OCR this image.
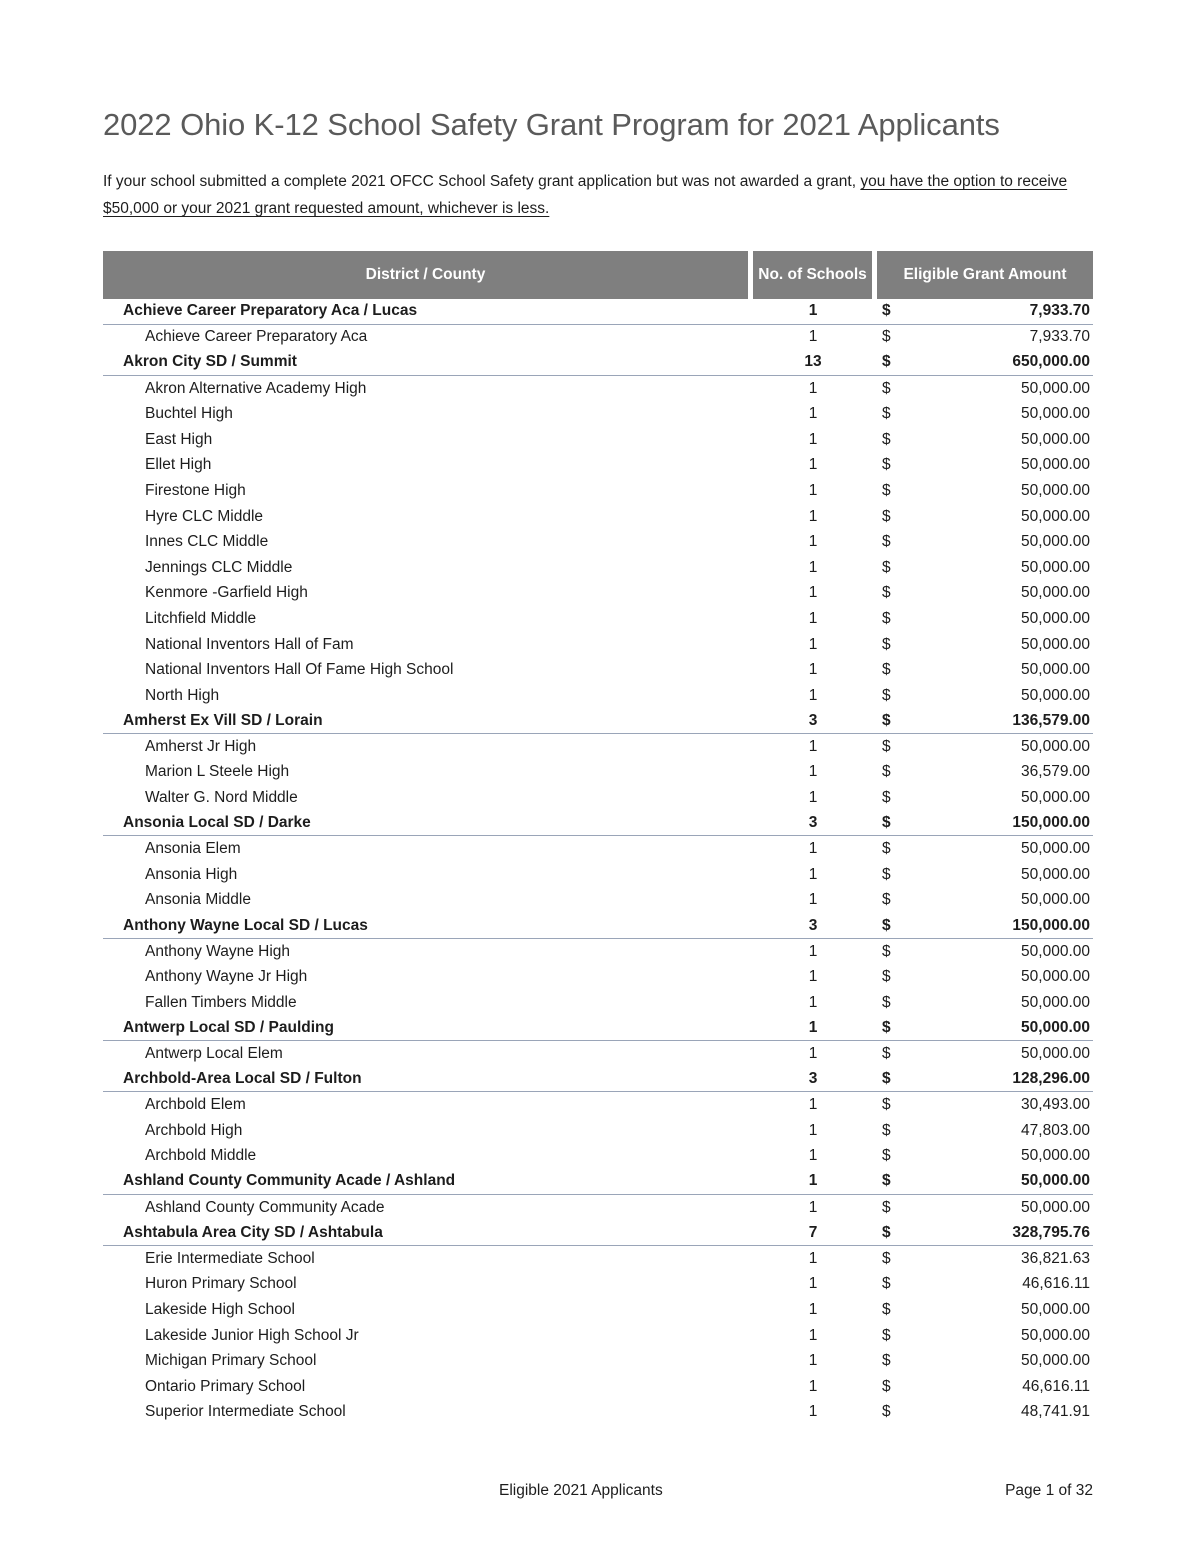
2022 Ohio K-12 School Safety Grant Program for 2021 Applicants

If your school submitted a complete 2021 OFCC School Safety grant application but was not awarded a grant, you have the option to receive $50,000 or your 2021 grant requested amount, whichever is less.

District / County	No. of Schools	Eligible Grant Amount
Achieve Career Preparatory Aca / Lucas	1	$	7,933.70
Achieve Career Preparatory Aca	1	$	7,933.70
Akron City SD / Summit	13	$	650,000.00
Akron Alternative Academy High	1	$	50,000.00
Buchtel High	1	$	50,000.00
East High	1	$	50,000.00
Ellet High	1	$	50,000.00
Firestone High	1	$	50,000.00
Hyre CLC Middle	1	$	50,000.00
Innes CLC Middle	1	$	50,000.00
Jennings CLC Middle	1	$	50,000.00
Kenmore -Garfield High	1	$	50,000.00
Litchfield Middle	1	$	50,000.00
National Inventors Hall of Fam	1	$	50,000.00
National Inventors Hall Of Fame High School	1	$	50,000.00
North High	1	$	50,000.00
Amherst Ex Vill SD / Lorain	3	$	136,579.00
Amherst Jr High	1	$	50,000.00
Marion L Steele High	1	$	36,579.00
Walter G. Nord Middle	1	$	50,000.00
Ansonia Local SD / Darke	3	$	150,000.00
Ansonia Elem	1	$	50,000.00
Ansonia High	1	$	50,000.00
Ansonia Middle	1	$	50,000.00
Anthony Wayne Local SD / Lucas	3	$	150,000.00
Anthony Wayne High	1	$	50,000.00
Anthony Wayne Jr High	1	$	50,000.00
Fallen Timbers Middle	1	$	50,000.00
Antwerp Local SD / Paulding	1	$	50,000.00
Antwerp Local Elem	1	$	50,000.00
Archbold-Area Local SD / Fulton	3	$	128,296.00
Archbold Elem	1	$	30,493.00
Archbold High	1	$	47,803.00
Archbold Middle	1	$	50,000.00
Ashland County Community Acade / Ashland	1	$	50,000.00
Ashland County Community Acade	1	$	50,000.00
Ashtabula Area City SD / Ashtabula	7	$	328,795.76
Erie Intermediate School	1	$	36,821.63
Huron Primary School	1	$	46,616.11
Lakeside High School	1	$	50,000.00
Lakeside Junior High School Jr	1	$	50,000.00
Michigan Primary School	1	$	50,000.00
Ontario Primary School	1	$	46,616.11
Superior Intermediate School	1	$	48,741.91
Eligible 2021 Applicants	Page 1 of 32
